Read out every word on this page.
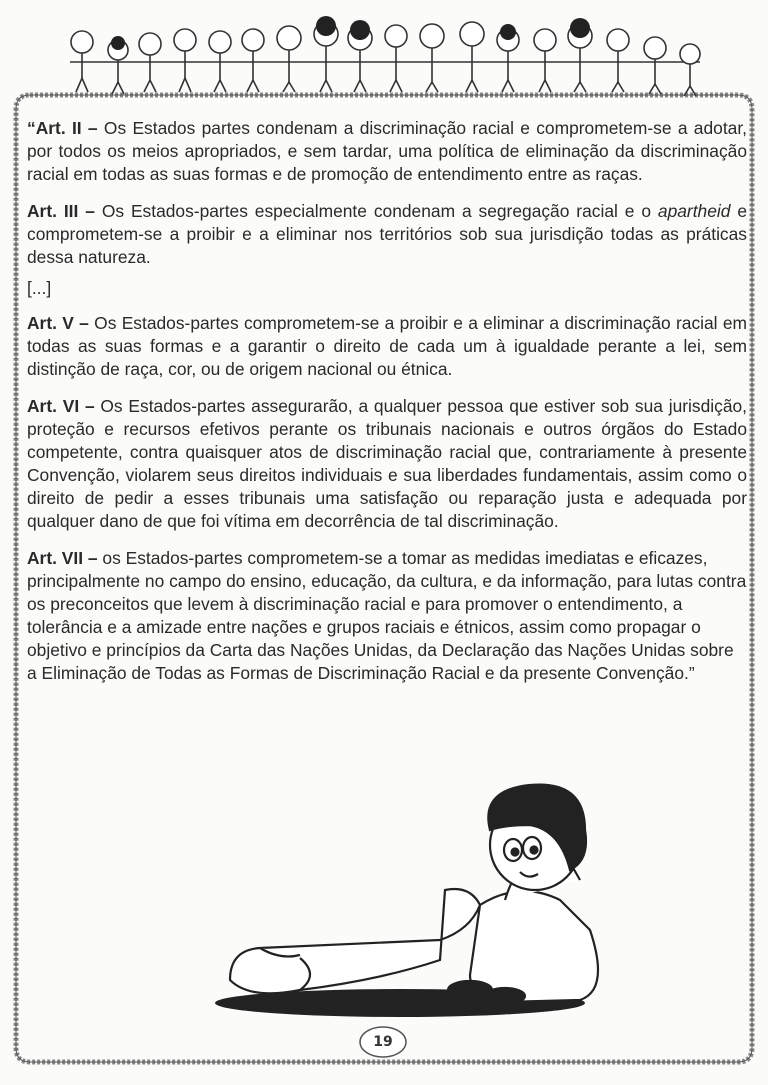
“Art. II – Os Estados partes condenam a discriminação racial e comprometem-se a adotar, por todos os meios apropriados, e sem tardar, uma política de eliminação da discriminação racial em todas as suas formas e de promoção de entendimento entre as raças.

Art. III – Os Estados-partes especialmente condenam a segregação racial e o apartheid e comprometem-se a proibir e a eliminar nos territórios sob sua jurisdição todas as práticas dessa natureza.

[...]

Art. V – Os Estados-partes comprometem-se a proibir e a eliminar a discriminação racial em todas as suas formas e a garantir o direito de cada um à igualdade perante a lei, sem distinção de raça, cor, ou de origem nacional ou étnica.

Art. VI – Os Estados-partes assegurarão, a qualquer pessoa que estiver sob sua jurisdição, proteção e recursos efetivos perante os tribunais nacionais e outros órgãos do Estado competente, contra quaisquer atos de discriminação racial que, contrariamente à presente Convenção, violarem seus direitos individuais e sua liberdades fundamentais, assim como o direito de pedir a esses tribunais uma satisfação ou reparação justa e adequada por qualquer dano de que foi vítima em decorrência de tal discriminação.

Art. VII – os Estados-partes comprometem-se a tomar as medidas imediatas e eficazes, principalmente no campo do ensino, educação, da cultura, e da informação, para lutas contra os preconceitos que levem à discriminação racial e para promover o entendimento, a tolerância e a amizade entre nações e grupos raciais e étnicos, assim como propagar o objetivo e princípios da Carta das Nações Unidas, da Declaração das Nações Unidas sobre a Eliminação de Todas as Formas de Discriminação Racial e da presente Convenção.”

19
